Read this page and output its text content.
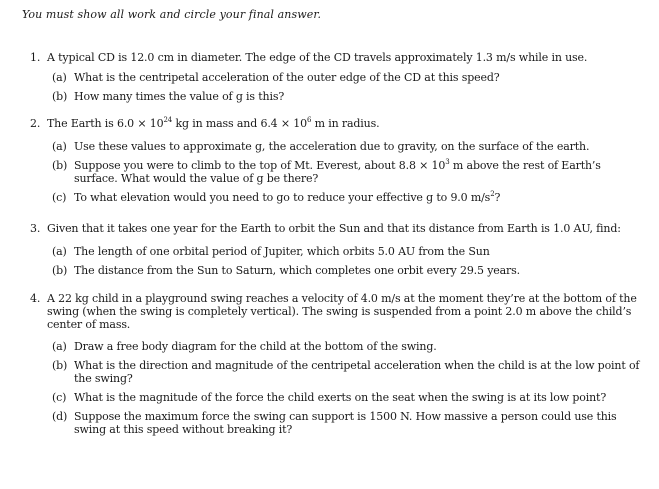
You must show all work and circle your final answer.
1. A typical CD is 12.0 cm in diameter. The edge of the CD travels approximately 1.3 m/s while in use.
(a) What is the centripetal acceleration of the outer edge of the CD at this speed?
(b) How many times the value of g is this?
2. The Earth is $6.0 \times 10^{24}$ kg in mass and $6.4 \times 10^6$ m in radius.
(a) Use these values to approximate g, the acceleration due to gravity, on the surface of the earth.
(b) Suppose you were to climb to the top of Mt. Everest, about $8.8 \times 10^3$ m above the rest of Earth’s surface. What would the value of g be there?
(c) To what elevation would you need to go to reduce your effective g to 9.0 $m/s^2$?
3. Given that it takes one year for the Earth to orbit the Sun and that its distance from Earth is 1.0 AU, find:
(a) The length of one orbital period of Jupiter, which orbits 5.0 AU from the Sun
(b) The distance from the Sun to Saturn, which completes one orbit every 29.5 years.
4. A 22 kg child in a playground swing reaches a velocity of 4.0 m/s at the moment they’re at the bottom of the swing (when the swing is completely vertical). The swing is suspended from a point 2.0 m above the child’s center of mass.
(a) Draw a free body diagram for the child at the bottom of the swing.
(b) What is the direction and magnitude of the centripetal acceleration when the child is at the low point of the swing?
(c) What is the magnitude of the force the child exerts on the seat when the swing is at its low point?
(d) Suppose the maximum force the swing can support is 1500 N. How massive a person could use this swing at this speed without breaking it?
